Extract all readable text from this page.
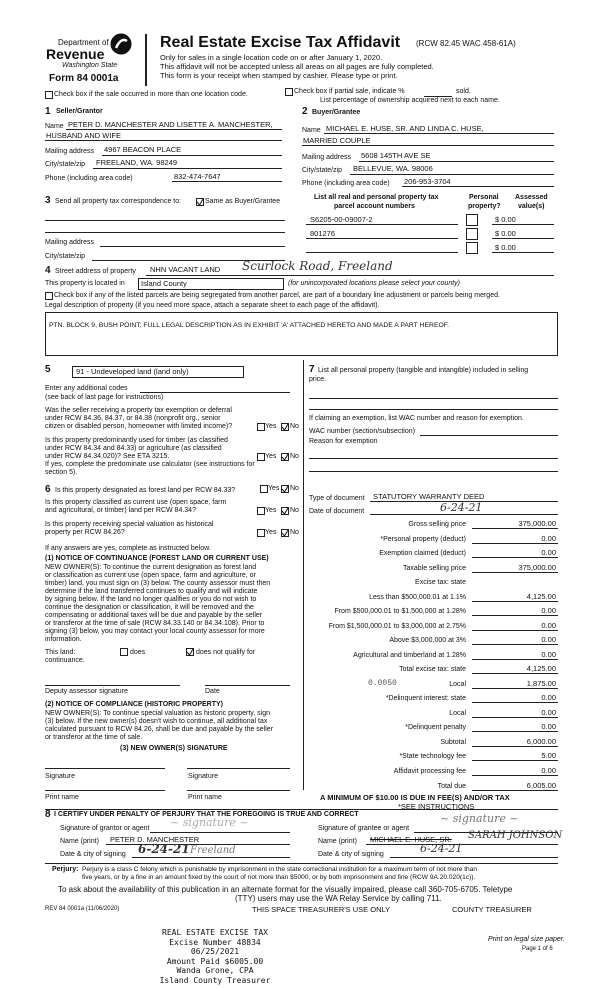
Department of
Revenue
Washington State
Form 84 0001a
Real Estate Excise Tax Affidavit (RCW 82.45 WAC 458-61A)
Only for sales in a single location code on or after January 1, 2020.
This affidavit will not be accepted unless all areas on all pages are fully completed.
This form is your receipt when stamped by cashier. Please type or print.
Check box if the sale occurred in more than one location code.	Check box if partial sale, indicate %	sold.
List percentage of ownership acquired next to each name.
1 Seller/Grantor
Name PETER D. MANCHESTER AND LISETTE A. MANCHESTER,
HUSBAND AND WIFE
Mailing address 4967 BEACON PLACE
City/state/zip FREELAND, WA. 98249
Phone (including area code)	832-474-7647
2 Buyer/Grantee
Name MICHAEL E. HUSE, SR. AND LINDA C. HUSE,
MARRIED COUPLE
Mailing address 5608 145TH AVE SE
City/state/zip BELLEVUE, WA. 98006
Phone (including area code) 206-953-3704
3 Send all property tax correspondence to:	Same as Buyer/Grantee
Mailing address
City/state/zip
List all real and personal property tax
parcel account numbers
Personal
property?
Assessed
value(s)
S6205-00-09007-2	$ 0.00
801276	$ 0.00
$ 0.00
4 Street address of property NHN VACANT LAND Scurlock Road, Freeland
This property is located in Island County	(for unincorporated locations please select your county)
Check box if any of the listed parcels are being segregated from another parcel, are part of a boundary line adjustment or parcels being merged.
Legal description of property (if you need more space, attach a separate sheet to each page of the affidavit).
PTN. BLOCK 9, BUSH POINT; FULL LEGAL DESCRIPTION AS IN EXHIBIT 'A' ATTACHED HERETO AND MADE A PART HEREOF.
5	91 - Undeveloped land (land only)
Enter any additional codes
(see back of last page for instructions)
Was the seller receiving a property tax exemption or deferral
under RCW 84.36, 84.37, or 84.38 (nonprofit org., senior
citizen or disabled person, homeowner with limited income)?	Yes No
Is this property predominantly used for timber (as classified
under RCW 84.34 and 84.33) or agriculture (as classified
under RCW 84.34.020)? See ETA 3215.	Yes No
If yes, complete the predominate use calculator (see instructions for
section 5).
6 Is this property designated as forest land per RCW 84.33?	Yes No
Is this property classified as current use (open space, farm
and agricultural, or timber) land per RCW 84.34?	Yes No
Is this property receiving special valuation as historical
property per RCW 84.26?	Yes No
If any answers are yes, complete as instructed below.
(1) NOTICE OF CONTINUANCE (FOREST LAND OR CURRENT USE)
NEW OWNER(S): To continue the current designation as forest land
or classification as current use (open space, farm and agriculture, or
timber) land, you must sign on (3) below. The county assessor must then
determine if the land transferred continues to qualify and will indicate
by signing below. If the land no longer qualifies or you do not wish to
continue the designation or classification, it will be removed and the
compensating or additional taxes will be due and payable by the seller
or transferor at the time of sale (RCW 84.33.140 or 84.34.108). Prior to
signing (3) below, you may contact your local county assessor for more
information.
This land:
continuance.
does	does not qualify for
Deputy assessor signature	Date
(2) NOTICE OF COMPLIANCE (HISTORIC PROPERTY)
NEW OWNER(S): To continue special valuation as historic property, sign
(3) below. If the new owner(s) doesn't wish to continue, all additional tax
calculated pursuant to RCW 84.26, shall be due and payable by the seller
or transferor at the time of sale.
(3) NEW OWNER(S) SIGNATURE
Signature	Signature
Print name	Print name
7 List all personal property (tangible and intangible) included in selling
price.
If claiming an exemption, list WAC number and reason for exemption.
WAC number (section/subsection)
Reason for exemption
Type of document STATUTORY WARRANTY DEED
Date of document	6-24-21
Gross selling price	375,000.00
*Personal property (deduct)	0.00
Exemption claimed (deduct)	0.00
Taxable selling price	375,000.00
Excise tax: state
Less than $500,000.01 at 1.1%	4,125.00
From $500,000.01 to $1,500,000 at 1.28%	0.00
From $1,500,000.01 to $3,000,000 at 2.75%	0.00
Above $3,000,000 at 3%	0.00
Agricultural and timberland at 1.28%	0.00
Total excise tax: state	4,125.00
0.0050	Local	1,875.00
*Delinquent interest: state	0.00
Local	0.00
*Delinquent penalty	0.00
Subtotal	6,000.00
*State technology fee	5.00
Affidavit processing fee	0.00
Total due	6,005.00
A MINIMUM OF $10.00 IS DUE IN FEE(S) AND/OR TAX
*SEE INSTRUCTIONS
8 I CERTIFY UNDER PENALTY OF PERJURY THAT THE FOREGOING IS TRUE AND CORRECT
Signature of grantor or agent ~ signature ~
Name (print) PETER D. MANCHESTER
Date & city of signing 6-24-21 Freeland
Signature of grantee or agent
~ signature ~
Name (print) MICHAEL E. HUSE, SR. SARAH JOHNSON
Date & city of signing	6-24-21
Perjury: Perjury is a class C felony which is punishable by imprisonment in the state correctional institution for a maximum term of not more than
five years, or by a fine in an amount fixed by the court of not more than $5000, or by both imprisonment and fine (RCW 9A.20.020(1c)).
To ask about the availability of this publication in an alternate format for the visually impaired, please call 360-705-6705. Teletype
(TTY) users may use the WA Relay Service by calling 711.
REV 84 0001a (11/06/2020)	THIS SPACE TREASURER'S USE ONLY	COUNTY TREASURER
REAL ESTATE EXCISE TAX
Excise Number 48834
06/25/2021
Amount Paid $6005.00
Wanda Grone, CPA
Island County Treasurer
Print on legal size paper.
Page 1 of 6
